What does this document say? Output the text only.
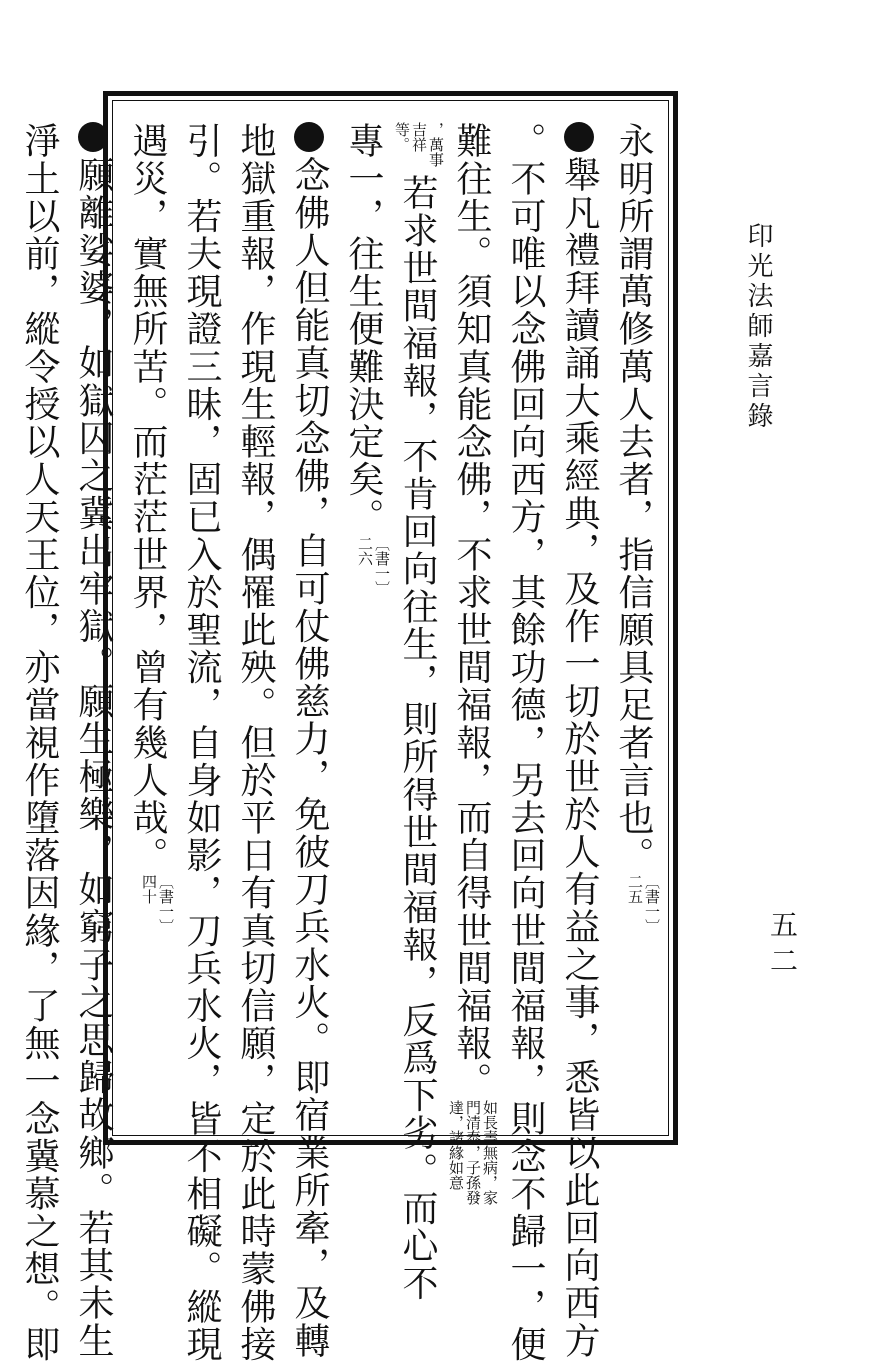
印光法師嘉言錄
五二
永明所謂萬修萬人去者，指信願具足者言也。︹書一︺二五
舉凡禮拜讀誦大乘經典，及作一切於世於人有益之事，悉皆以此回向西方
。不可唯以念佛回向西方，其餘功德，另去回向世間福報，則念不歸一，便
難往生。須知真能念佛，不求世間福報，而自得世間福報。如長壽無病，家門清泰，子孫發達，諸緣如意
，萬事吉祥等。若求世間福報，不肯回向往生，則所得世間福報，反爲下劣。而心不
專一，往生便難決定矣。︹書一︺二六
念佛人但能真切念佛，自可仗佛慈力，免彼刀兵水火。即宿業所牽，及轉
地獄重報，作現生輕報，偶罹此殃。但於平日有真切信願，定於此時蒙佛接
引。若夫現證三昧，固已入於聖流，自身如影，刀兵水火，皆不相礙。縱現
遇災，實無所苦。而茫茫世界，曾有幾人哉。︹書一︺四十
願離娑婆，如獄囚之冀出牢獄。願生極樂，如窮子之思歸故鄉。若其未生
淨土以前，縱令授以人天王位，亦當視作墮落因緣，了無一念冀慕之想。即
